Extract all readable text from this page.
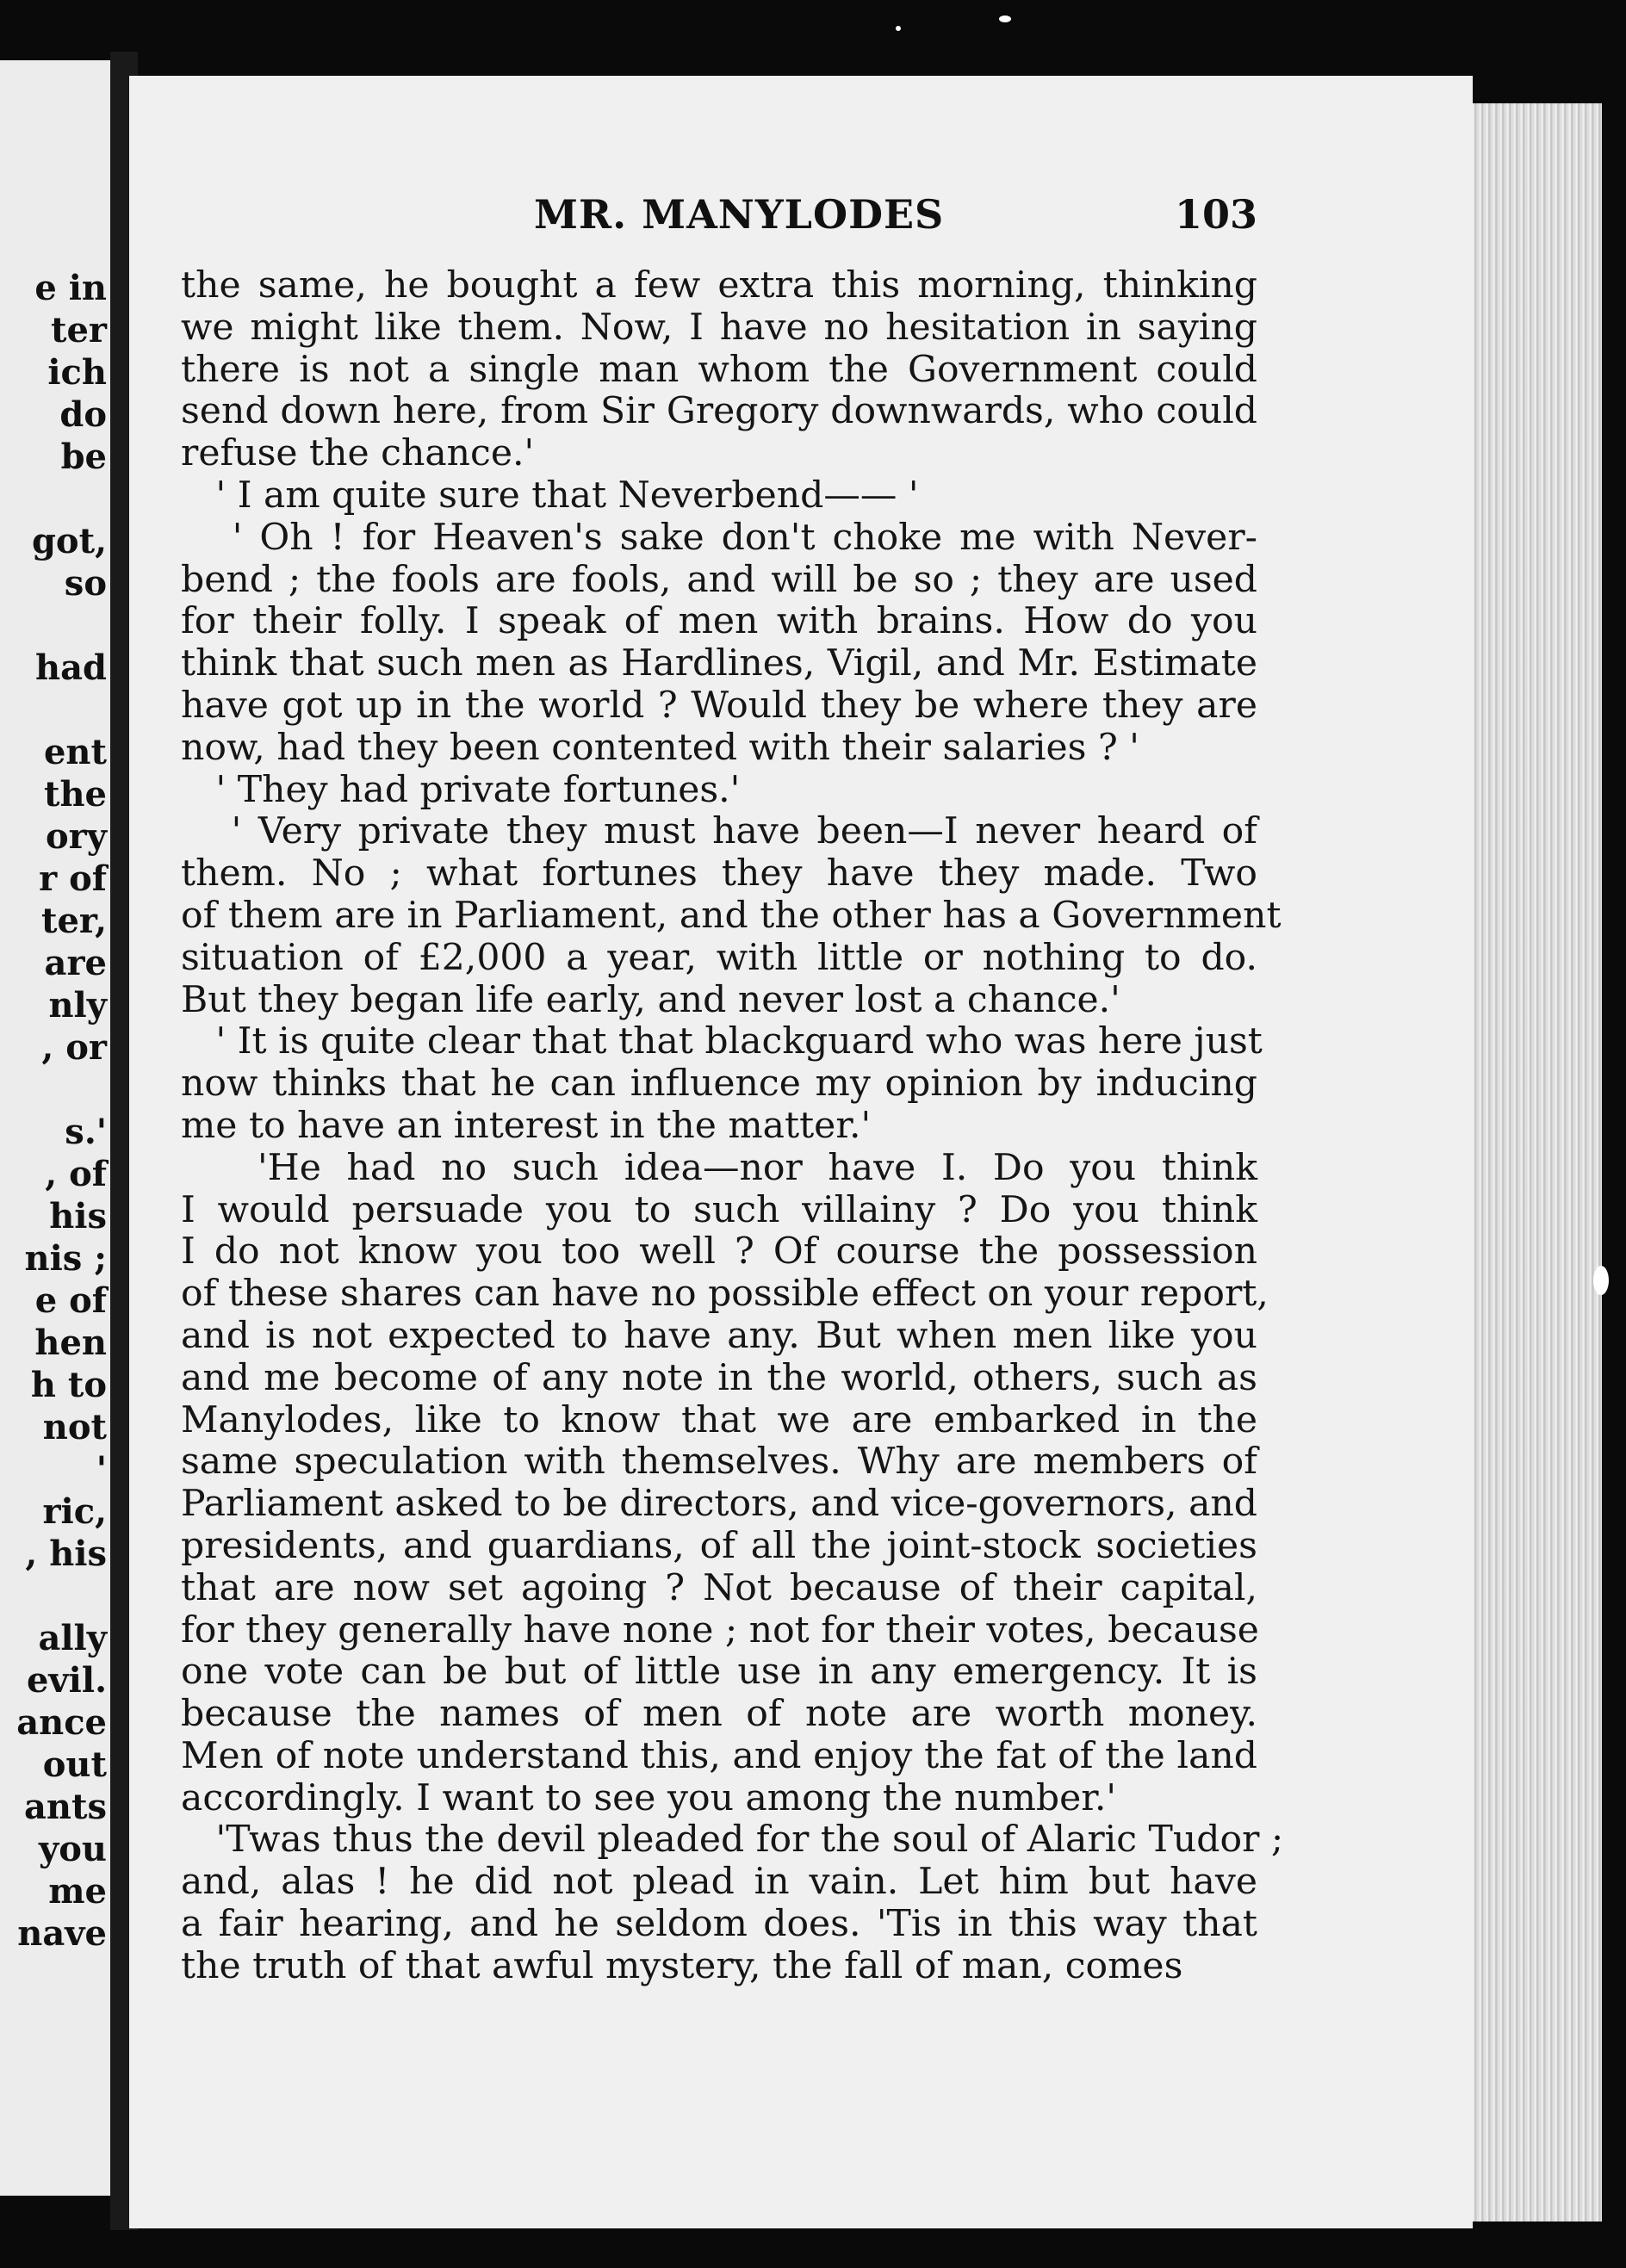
e in
ter
ich
do
be

got,
so

had

ent
the
ory
r of
ter,
are
nly
, or

s.'
, of
his
nis ;
e of
hen
h to
not
'
ric,
, his

ally
evil.
ance
out
ants
you
me
nave
MR. MANYLODES	103
the same, he bought a few extra this morning, thinking
we might like them. Now, I have no hesitation in saying
there is not a single man whom the Government could
send down here, from Sir Gregory downwards, who could
refuse the chance.'
' I am quite sure that Neverbend—— '
' Oh ! for Heaven's sake don't choke me with Never-
bend ; the fools are fools, and will be so ; they are used
for their folly. I speak of men with brains. How do you
think that such men as Hardlines, Vigil, and Mr. Estimate
have got up in the world ? Would they be where they are
now, had they been contented with their salaries ? '
' They had private fortunes.'
' Very private they must have been—I never heard of
them. No ; what fortunes they have they made. Two
of them are in Parliament, and the other has a Government
situation of £2,000 a year, with little or nothing to do.
But they began life early, and never lost a chance.'
' It is quite clear that that blackguard who was here just
now thinks that he can influence my opinion by inducing
me to have an interest in the matter.'
'He had no such idea—nor have I. Do you think
I would persuade you to such villainy ? Do you think
I do not know you too well ? Of course the possession
of these shares can have no possible effect on your report,
and is not expected to have any. But when men like you
and me become of any note in the world, others, such as
Manylodes, like to know that we are embarked in the
same speculation with themselves. Why are members of
Parliament asked to be directors, and vice-governors, and
presidents, and guardians, of all the joint-stock societies
that are now set agoing ? Not because of their capital,
for they generally have none ; not for their votes, because
one vote can be but of little use in any emergency. It is
because the names of men of note are worth money.
Men of note understand this, and enjoy the fat of the land
accordingly. I want to see you among the number.'
'Twas thus the devil pleaded for the soul of Alaric Tudor ;
and, alas ! he did not plead in vain. Let him but have
a fair hearing, and he seldom does. 'Tis in this way that
the truth of that awful mystery, the fall of man, comes
